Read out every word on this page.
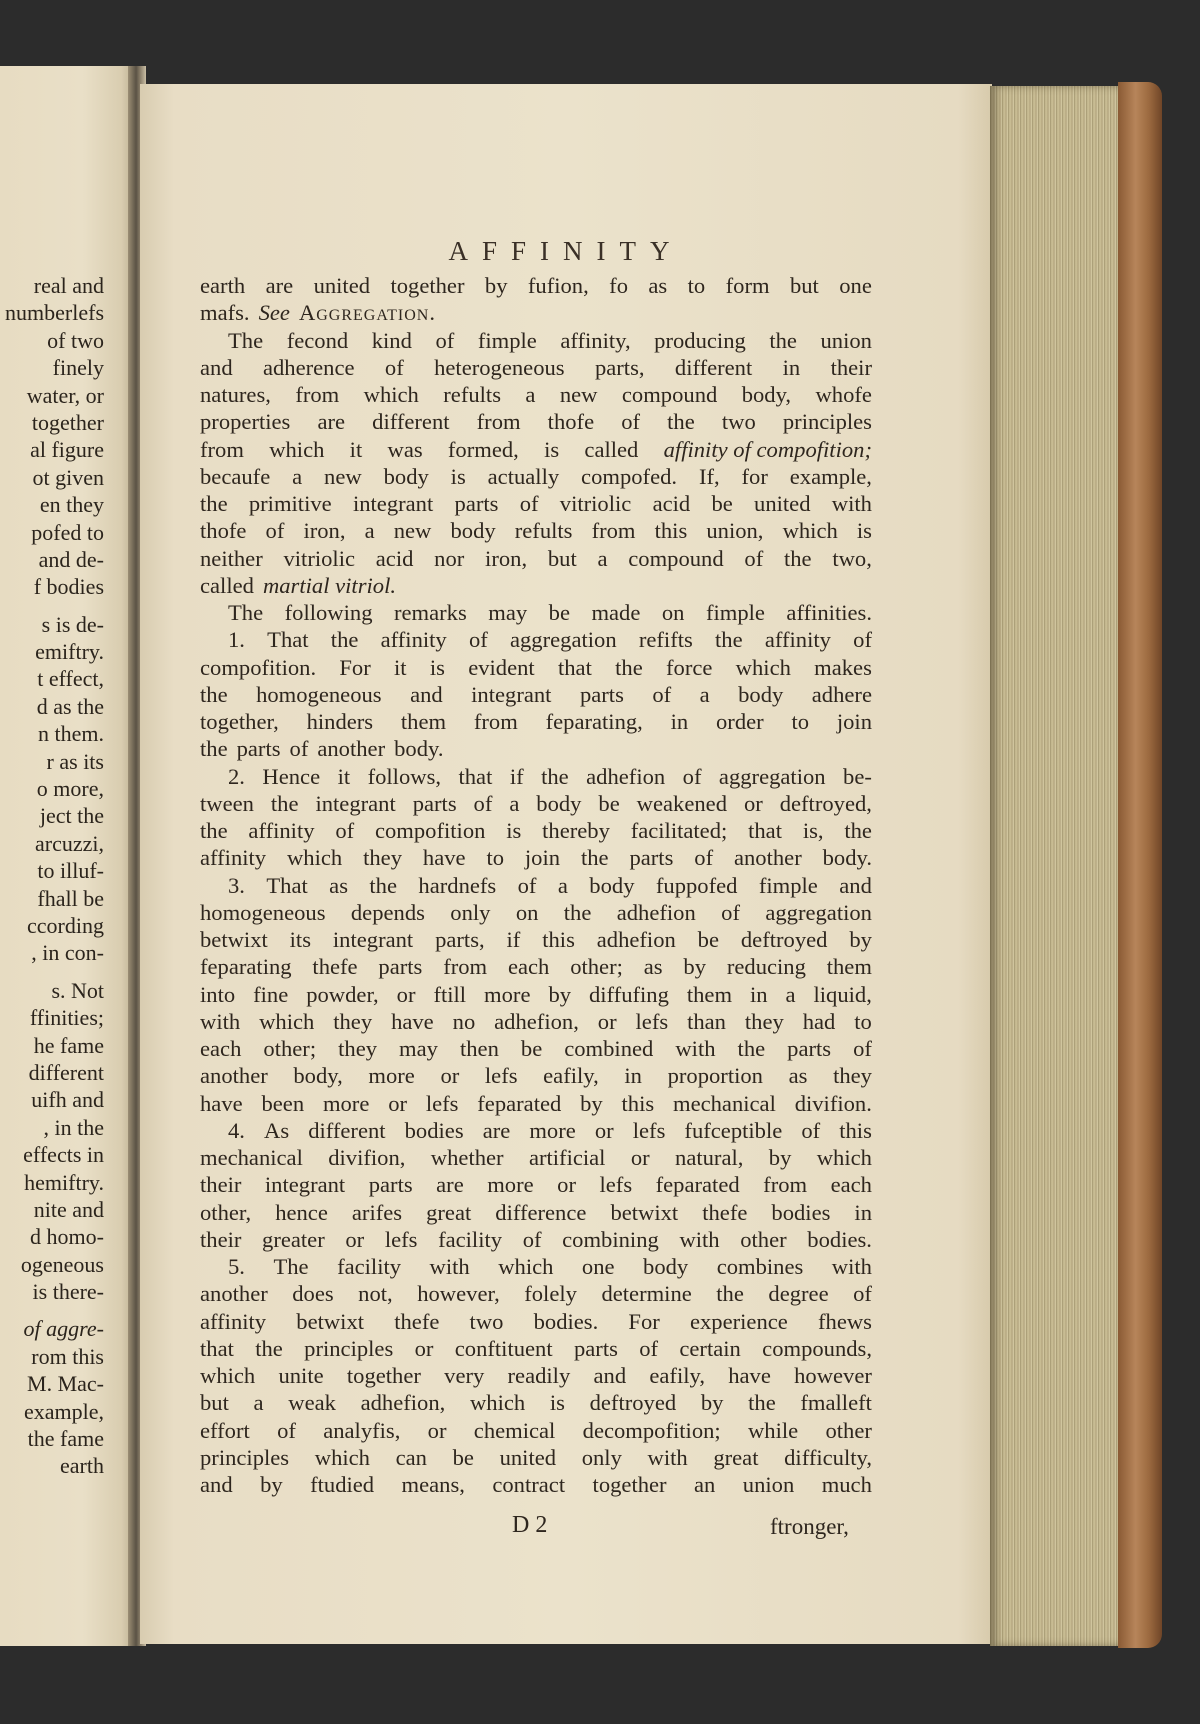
real and
numberlefs
of two
finely
water, or
together
al figure
ot given
en they
pofed to
and de-
f bodies
s is de-
emiftry.
t effect,
d as the
n them.
r as its
o more,
ject the
arcuzzi,
to illuf-
fhall be
ccording
, in con-
s. Not
ffinities;
he fame
different
uifh and
, in the
effects in
hemiftry.
nite and
d homo-
ogeneous
is there-
of aggre-
rom this
M. Mac-
example,
the fame
earth
AFFINITY
earth are united together by fufion, fo as to form but one
mafs. See Aggregation.
The fecond kind of fimple affinity, producing the union
and adherence of heterogeneous parts, different in their
natures, from which refults a new compound body, whofe
properties are different from thofe of the two principles
from which it was formed, is called affinity of compofition;
becaufe a new body is actually compofed. If, for example,
the primitive integrant parts of vitriolic acid be united with
thofe of iron, a new body refults from this union, which is
neither vitriolic acid nor iron, but a compound of the two,
called martial vitriol.
The following remarks may be made on fimple affinities.
1. That the affinity of aggregation refifts the affinity of
compofition. For it is evident that the force which makes
the homogeneous and integrant parts of a body adhere
together, hinders them from feparating, in order to join
the parts of another body.
2. Hence it follows, that if the adhefion of aggregation be-
tween the integrant parts of a body be weakened or deftroyed,
the affinity of compofition is thereby facilitated; that is, the
affinity which they have to join the parts of another body.
3. That as the hardnefs of a body fuppofed fimple and
homogeneous depends only on the adhefion of aggregation
betwixt its integrant parts, if this adhefion be deftroyed by
feparating thefe parts from each other; as by reducing them
into fine powder, or ftill more by diffufing them in a liquid,
with which they have no adhefion, or lefs than they had to
each other; they may then be combined with the parts of
another body, more or lefs eafily, in proportion as they
have been more or lefs feparated by this mechanical divifion.
4. As different bodies are more or lefs fufceptible of this
mechanical divifion, whether artificial or natural, by which
their integrant parts are more or lefs feparated from each
other, hence arifes great difference betwixt thefe bodies in
their greater or lefs facility of combining with other bodies.
5. The facility with which one body combines with
another does not, however, folely determine the degree of
affinity betwixt thefe two bodies. For experience fhews
that the principles or conftituent parts of certain compounds,
which unite together very readily and eafily, have however
but a weak adhefion, which is deftroyed by the fmalleft
effort of analyfis, or chemical decompofition; while other
principles which can be united only with great difficulty,
and by ftudied means, contract together an union much
D 2	ftronger,
